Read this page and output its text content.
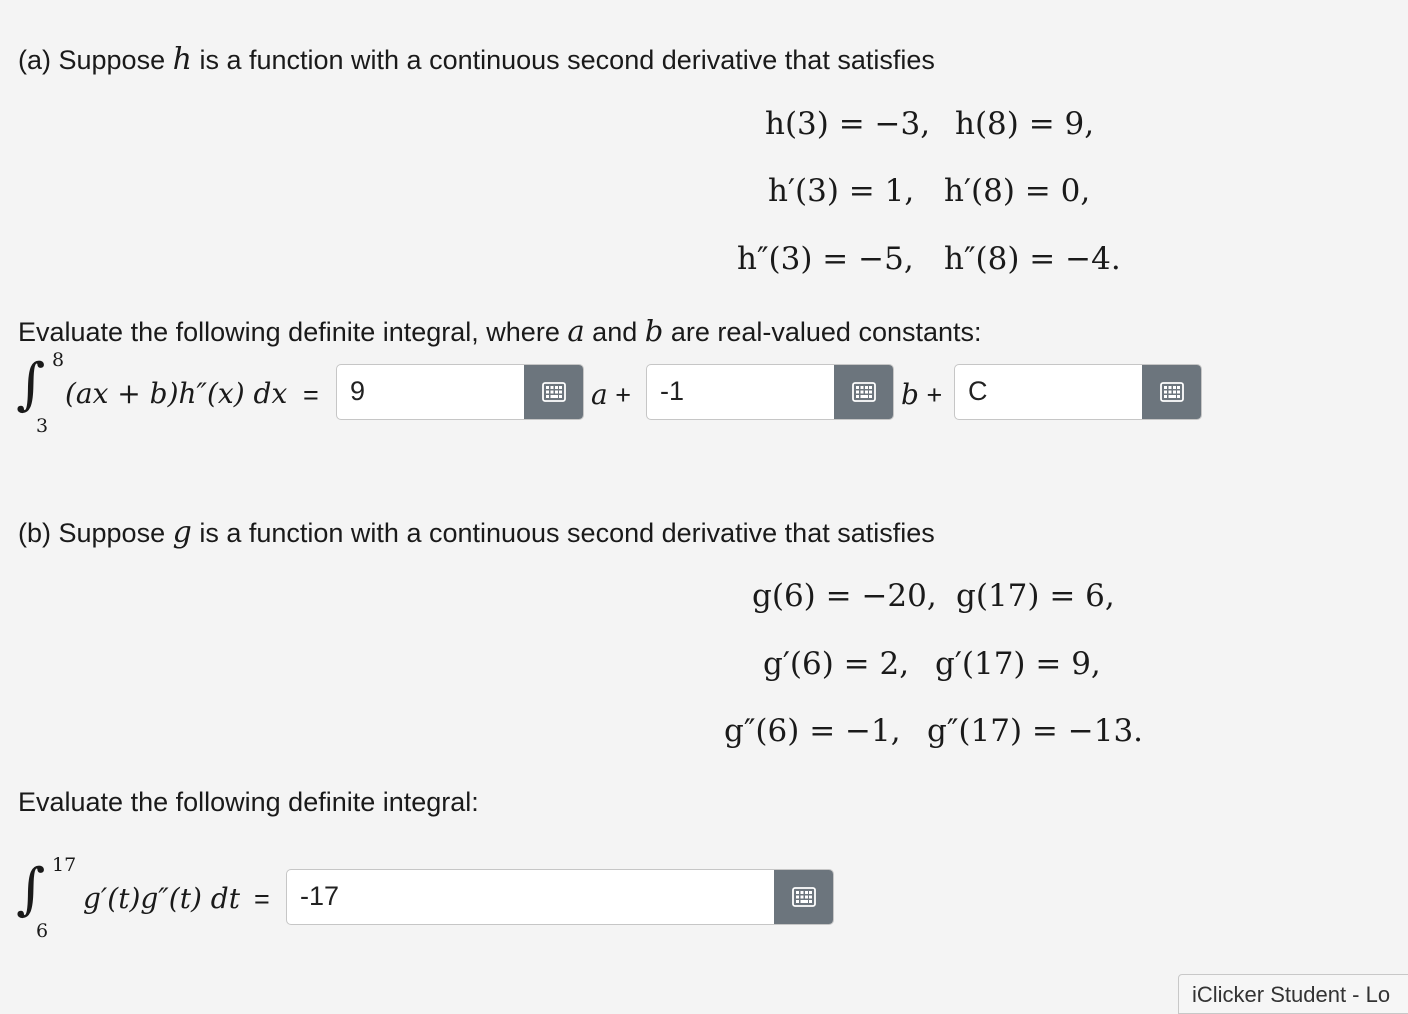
(a) Suppose h is a function with a continuous second derivative that satisfies
h(3) = −3, h(8) = 9,
h′(3) = 1, h′(8) = 0,
h″(3) = −5, h″(8) = −4.
Evaluate the following definite integral, where a and b are real-valued constants:
∫ 8
3
(ax + b)h″(x) dx = 9	a + -1	b + C
(b) Suppose g is a function with a continuous second derivative that satisfies
g(6) = −20, g(17) = 6,
g′(6) = 2, g′(17) = 9,
g″(6) = −1, g″(17) = −13.
Evaluate the following definite integral:
∫ 17
6
g′(t)g″(t) dt = -17
iClicker Student - Lo
